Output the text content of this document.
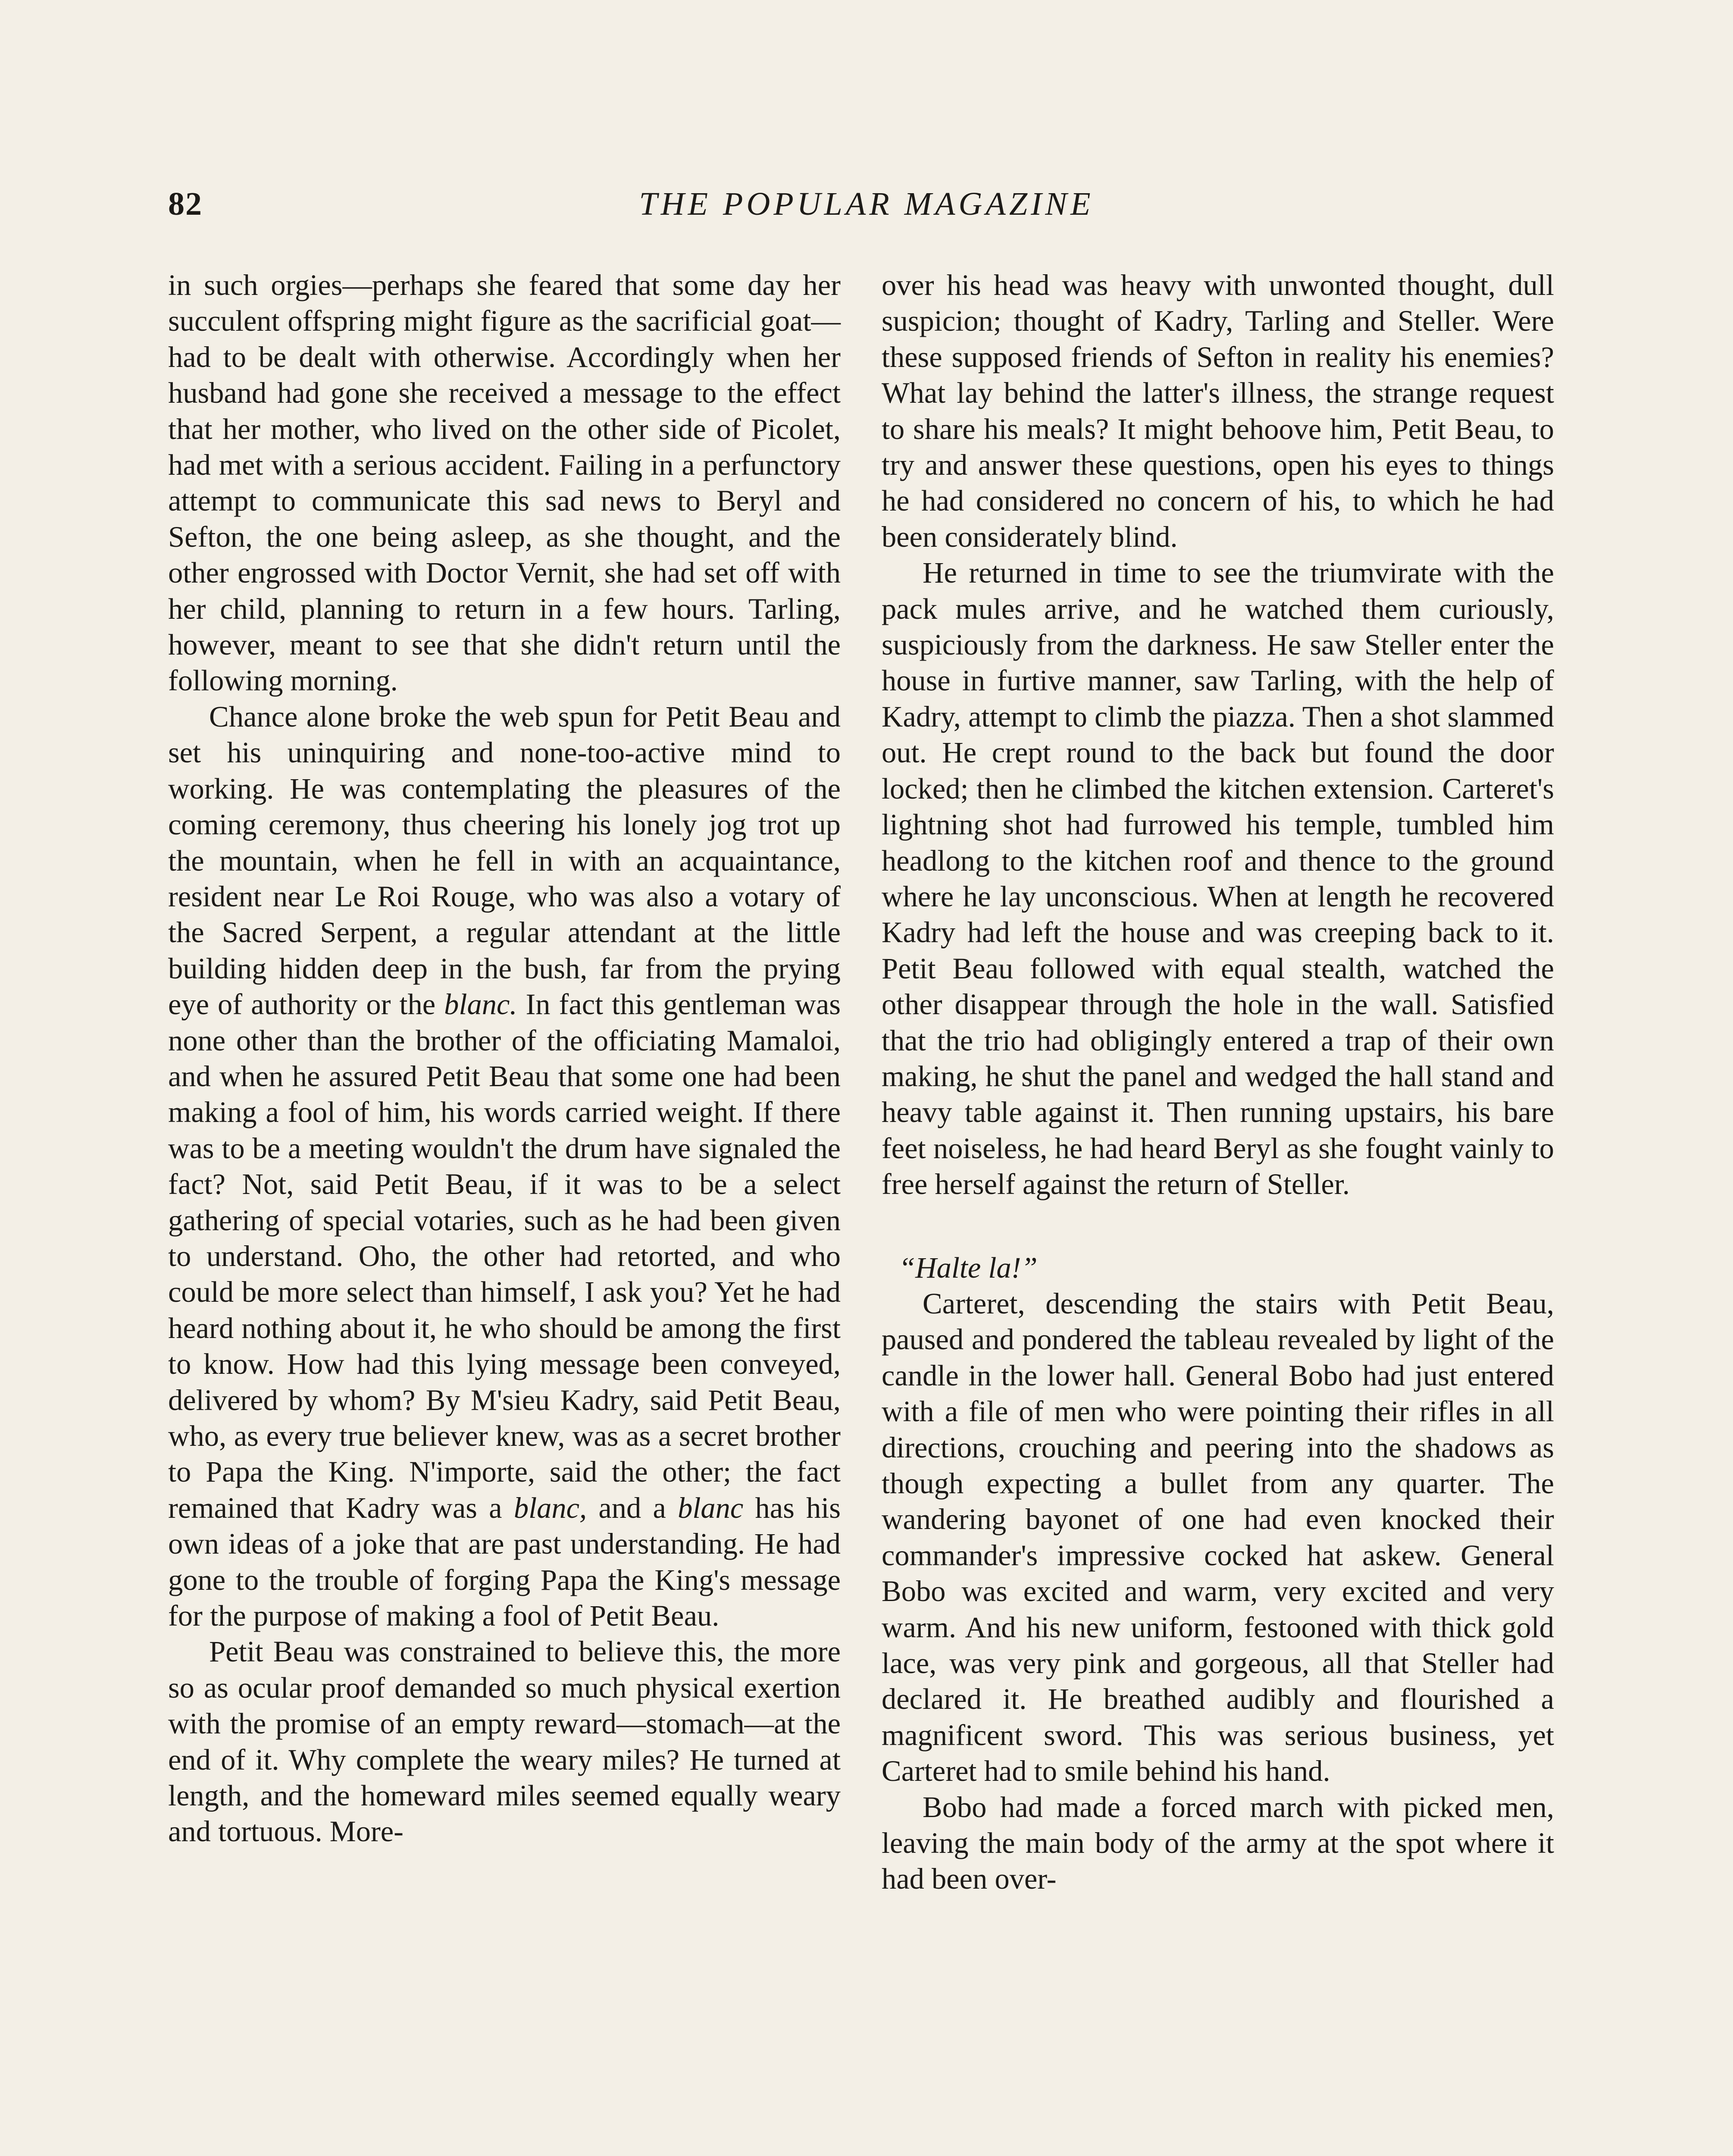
82	THE POPULAR MAGAZINE

in such orgies—perhaps she feared that some day her succulent offspring might figure as the sacrificial goat—had to be dealt with otherwise. Accordingly when her husband had gone she received a message to the effect that her mother, who lived on the other side of Picolet, had met with a serious accident. Failing in a perfunctory attempt to communicate this sad news to Beryl and Sefton, the one being asleep, as she thought, and the other engrossed with Doctor Vernit, she had set off with her child, planning to return in a few hours. Tarling, however, meant to see that she didn't return until the following morning.

Chance alone broke the web spun for Petit Beau and set his uninquiring and none-too-active mind to working. He was contemplating the pleasures of the coming ceremony, thus cheering his lonely jog trot up the mountain, when he fell in with an acquaintance, resident near Le Roi Rouge, who was also a votary of the Sacred Serpent, a regular attendant at the little building hidden deep in the bush, far from the prying eye of authority or the blanc. In fact this gentleman was none other than the brother of the officiating Mamaloi, and when he assured Petit Beau that some one had been making a fool of him, his words carried weight. If there was to be a meeting wouldn't the drum have signaled the fact? Not, said Petit Beau, if it was to be a select gathering of special votaries, such as he had been given to understand. Oho, the other had retorted, and who could be more select than himself, I ask you? Yet he had heard nothing about it, he who should be among the first to know. How had this lying message been conveyed, delivered by whom? By M'sieu Kadry, said Petit Beau, who, as every true believer knew, was as a secret brother to Papa the King. N'importe, said the other; the fact remained that Kadry was a blanc, and a blanc has his own ideas of a joke that are past understanding. He had gone to the trouble of forging Papa the King's message for the purpose of making a fool of Petit Beau.

Petit Beau was constrained to believe this, the more so as ocular proof demanded so much physical exertion with the promise of an empty reward—stomach—at the end of it. Why complete the weary miles? He turned at length, and the homeward miles seemed equally weary and tortuous. More-

over his head was heavy with unwonted thought, dull suspicion; thought of Kadry, Tarling and Steller. Were these supposed friends of Sefton in reality his enemies? What lay behind the latter's illness, the strange request to share his meals? It might behoove him, Petit Beau, to try and answer these questions, open his eyes to things he had considered no concern of his, to which he had been considerately blind.

He returned in time to see the triumvirate with the pack mules arrive, and he watched them curiously, suspiciously from the darkness. He saw Steller enter the house in furtive manner, saw Tarling, with the help of Kadry, attempt to climb the piazza. Then a shot slammed out. He crept round to the back but found the door locked; then he climbed the kitchen extension. Carteret's lightning shot had furrowed his temple, tumbled him headlong to the kitchen roof and thence to the ground where he lay unconscious. When at length he recovered Kadry had left the house and was creeping back to it. Petit Beau followed with equal stealth, watched the other disappear through the hole in the wall. Satisfied that the trio had obligingly entered a trap of their own making, he shut the panel and wedged the hall stand and heavy table against it. Then running upstairs, his bare feet noiseless, he had heard Beryl as she fought vainly to free herself against the return of Steller.

“Halte la!”

Carteret, descending the stairs with Petit Beau, paused and pondered the tableau revealed by light of the candle in the lower hall. General Bobo had just entered with a file of men who were pointing their rifles in all directions, crouching and peering into the shadows as though expecting a bullet from any quarter. The wandering bayonet of one had even knocked their commander's impressive cocked hat askew. General Bobo was excited and warm, very excited and very warm. And his new uniform, festooned with thick gold lace, was very pink and gorgeous, all that Steller had declared it. He breathed audibly and flourished a magnificent sword. This was serious business, yet Carteret had to smile behind his hand.

Bobo had made a forced march with picked men, leaving the main body of the army at the spot where it had been over-
